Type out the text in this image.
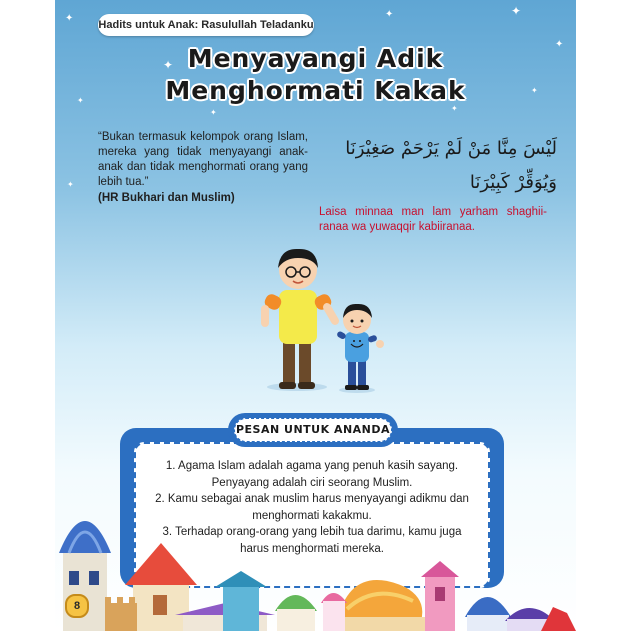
✦
✦
✦	✦
✦
✦
✦
✦
✦
✦
Hadits untuk Anak: Rasulullah Teladanku
Menyayangi Adik
Menghormati Kakak
“Bukan termasuk kelompok orang Islam, mereka yang tidak menyayangi anak-anak dan tidak menghormati orang yang lebih tua.”
(HR Bukhari dan Muslim)
لَيْسَ مِنَّا مَنْ لَمْ يَرْحَمْ صَغِيْرَنَا
وَيُوَقِّرْ كَبِيْرَنَا
Laisa minnaa man lam yarham shaghii-ranaa wa yuwaqqir kabiiranaa.
1. Agama Islam adalah agama yang penuh kasih sayang.
Penyayang adalah ciri seorang Muslim.
2. Kamu sebagai anak muslim harus menyayangi adikmu dan
menghormati kakakmu.
3. Terhadap orang-orang yang lebih tua darimu, kamu juga
harus menghormati mereka.
PESAN UNTUK ANANDA
8
